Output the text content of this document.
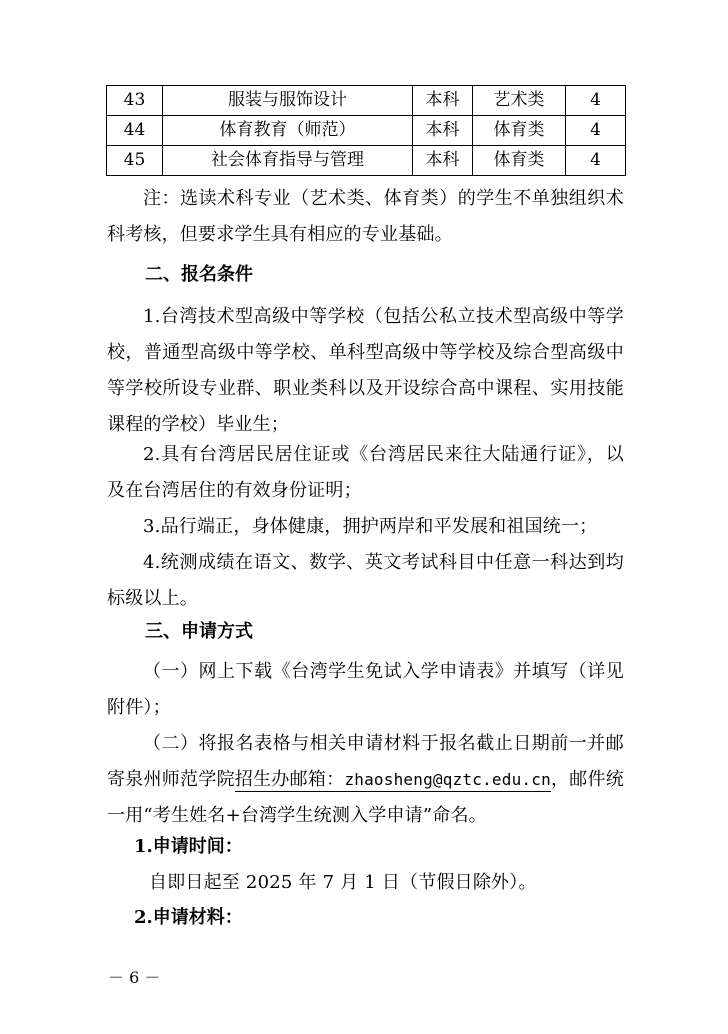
43	服装与服饰设计	本科	艺术类	4
44	体育教育（师范）	本科	体育类	4
45	社会体育指导与管理	本科	体育类	4
注：选读术科专业（艺术类、体育类）的学生不单独组织术科考核，但要求学生具有相应的专业基础。
二、报名条件
1.台湾技术型高级中等学校（包括公私立技术型高级中等学校，普通型高级中等学校、单科型高级中等学校及综合型高级中等学校所设专业群、职业类科以及开设综合高中课程、实用技能课程的学校）毕业生；
2.具有台湾居民居住证或《台湾居民来往大陆通行证》，以及在台湾居住的有效身份证明；
3.品行端正，身体健康，拥护两岸和平发展和祖国统一；
4.统测成绩在语文、数学、英文考试科目中任意一科达到均标级以上。
三、申请方式
（一）网上下载《台湾学生免试入学申请表》并填写（详见附件）；
（二）将报名表格与相关申请材料于报名截止日期前一并邮寄泉州师范学院招生办邮箱：zhaosheng@qztc.edu.cn，邮件统一用“考生姓名+台湾学生统测入学申请”命名。
1.申请时间：
自即日起至 2025 年 7 月 1 日（节假日除外）。
2.申请材料：
－ 6 －
